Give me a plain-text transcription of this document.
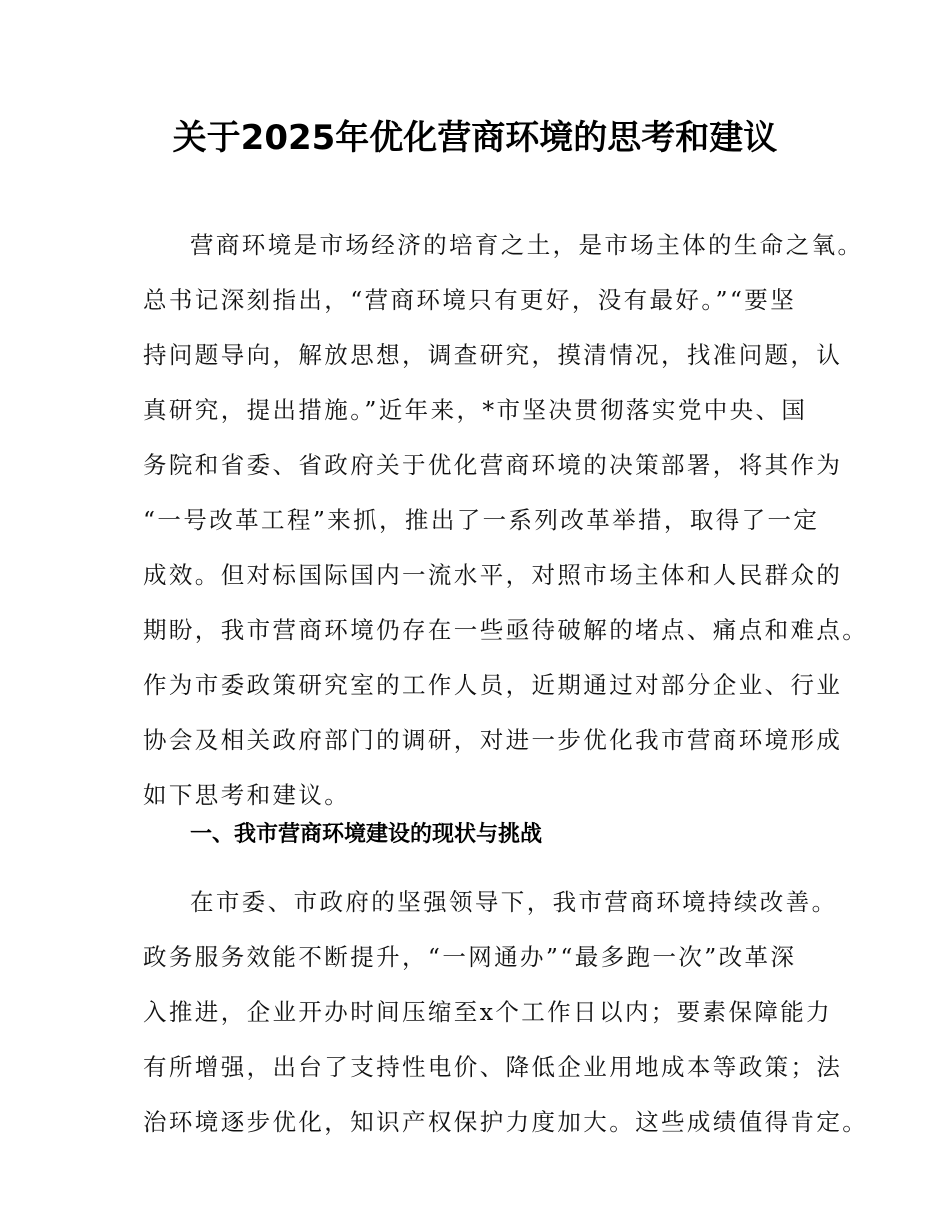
关于2025年优化营商环境的思考和建议
营商环境是市场经济的培育之土，是市场主体的生命之氧。
总书记深刻指出，“营商环境只有更好，没有最好。”“要坚
持问题导向，解放思想，调查研究，摸清情况，找准问题，认
真研究，提出措施。”近年来，*市坚决贯彻落实党中央、国
务院和省委、省政府关于优化营商环境的决策部署，将其作为
“一号改革工程”来抓，推出了一系列改革举措，取得了一定
成效。但对标国际国内一流水平，对照市场主体和人民群众的
期盼，我市营商环境仍存在一些亟待破解的堵点、痛点和难点。
作为市委政策研究室的工作人员，近期通过对部分企业、行业
协会及相关政府部门的调研，对进一步优化我市营商环境形成
如下思考和建议。
一、我市营商环境建设的现状与挑战
在市委、市政府的坚强领导下，我市营商环境持续改善。
政务服务效能不断提升，“一网通办”“最多跑一次”改革深
入推进，企业开办时间压缩至x个工作日以内；要素保障能力
有所增强，出台了支持性电价、降低企业用地成本等政策；法
治环境逐步优化，知识产权保护力度加大。这些成绩值得肯定。
